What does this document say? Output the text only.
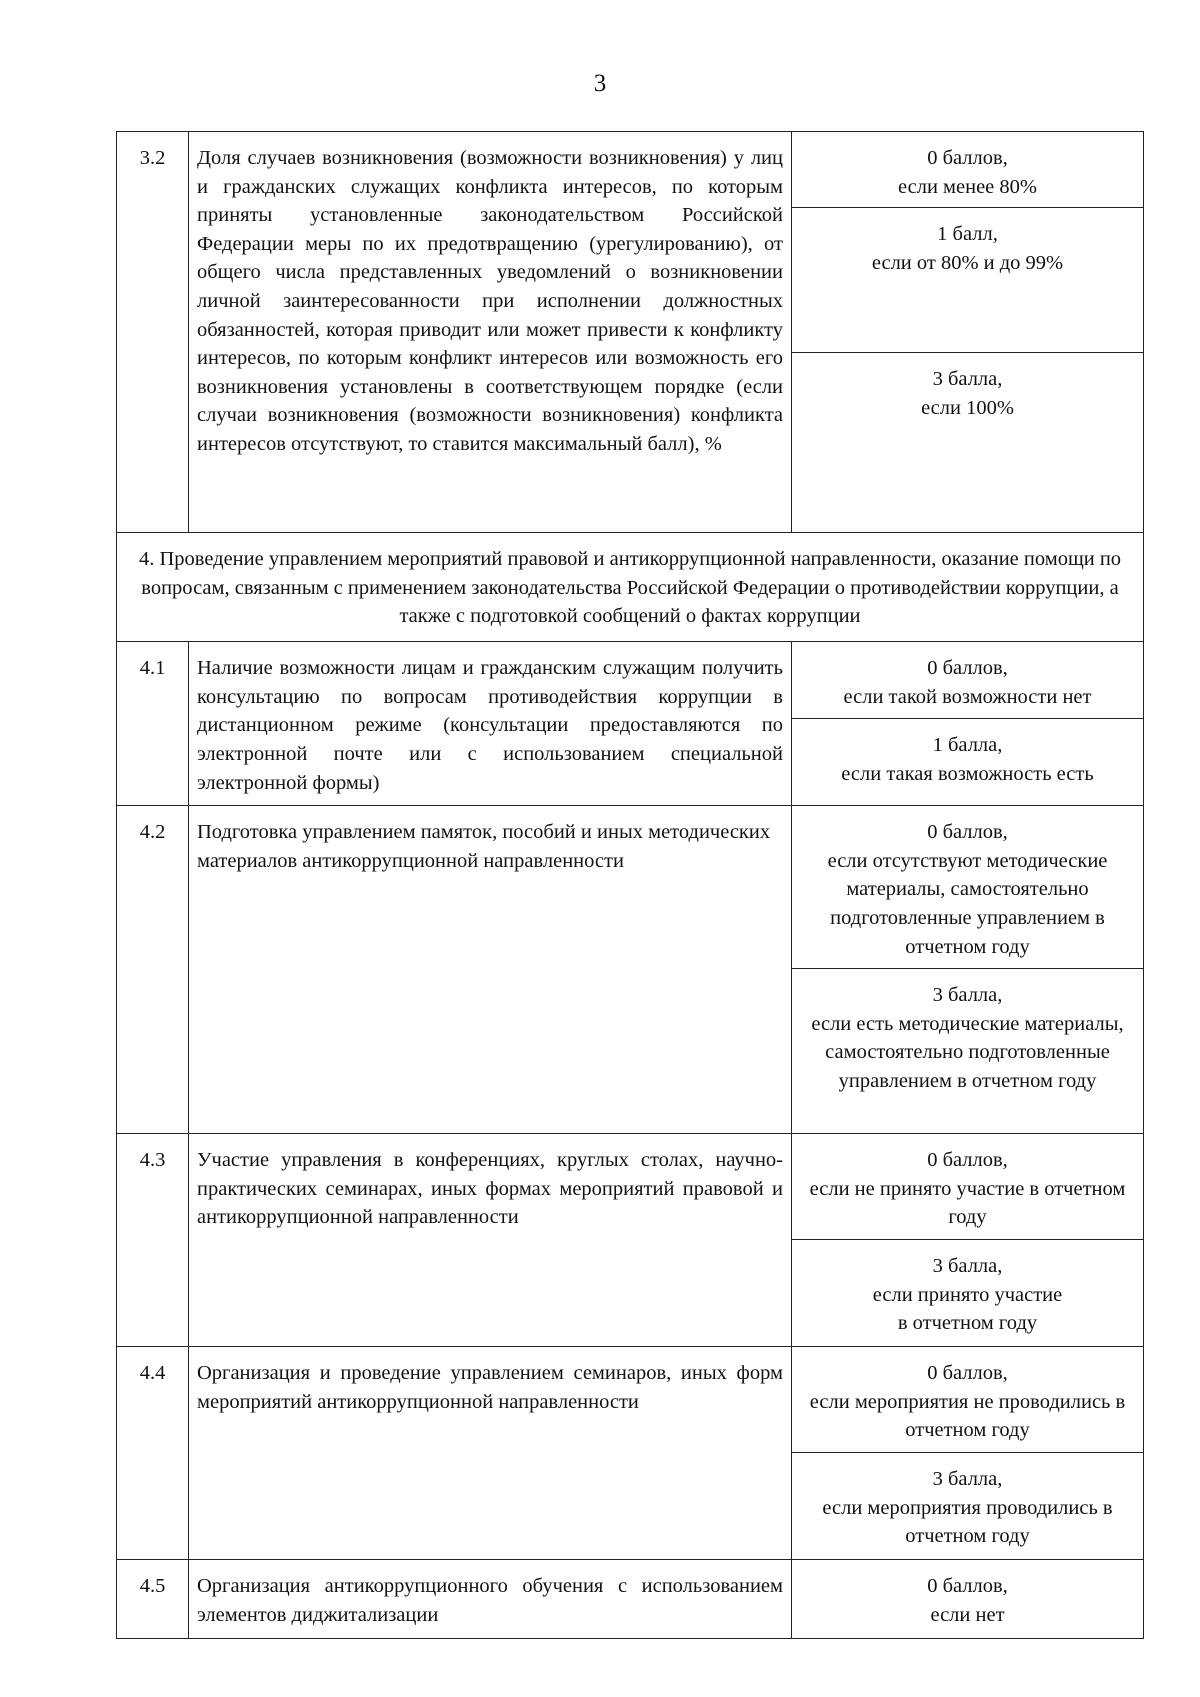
3
3.2	Доля случаев возникновения (возможности возникновения) у лиц и гражданских служащих конфликта интересов, по которым приняты установленные законодательством Российской Федерации меры по их предотвращению (урегулированию), от общего числа представленных уведомлений о возникновении личной заинтересованности при исполнении должностных обязанностей, которая приводит или может привести к конфликту интересов, по которым конфликт интересов или возможность его возникновения установлены в соответствующем порядке (если случаи возникновения (возможности возникновения) конфликта интересов отсутствуют, то ставится максимальный балл), %	0 баллов,
если менее 80%

		1 балл,
если от 80% и до 99%

		3 балла,
если 100%

4. Проведение управлением мероприятий правовой и антикоррупционной направленности, оказание помощи по вопросам, связанным с применением законодательства Российской Федерации о противодействии коррупции, а также с подготовкой сообщений о фактах коррупции		
4.1	Наличие возможности лицам и гражданским служащим получить консультацию по вопросам противодействия коррупции в дистанционном режиме (консультации предоставляются по электронной почте или с использованием специальной электронной формы)	0 баллов,
если такой возможности нет

		1 балла,
если такая возможность есть

4.2	Подготовка управлением памяток, пособий и иных методических материалов антикоррупционной направленности	0 баллов,
если отсутствуют методические материалы, самостоятельно подготовленные управлением в отчетном году

		3 балла,
если есть методические материалы, самостоятельно подготовленные управлением в отчетном году

4.3	Участие управления в конференциях, круглых столах, научно-практических семинарах, иных формах мероприятий правовой и антикоррупционной направленности	0 баллов,
если не принято участие в отчетном году

		3 балла,
если принято участие
в отчетном году

4.4	Организация и проведение управлением семинаров, иных форм мероприятий антикоррупционной направленности	0 баллов,
если мероприятия не проводились в отчетном году

		3 балла,
если мероприятия проводились в отчетном году

4.5	Организация антикоррупционного обучения с использованием элементов диджитализации	0 баллов,
если нет
